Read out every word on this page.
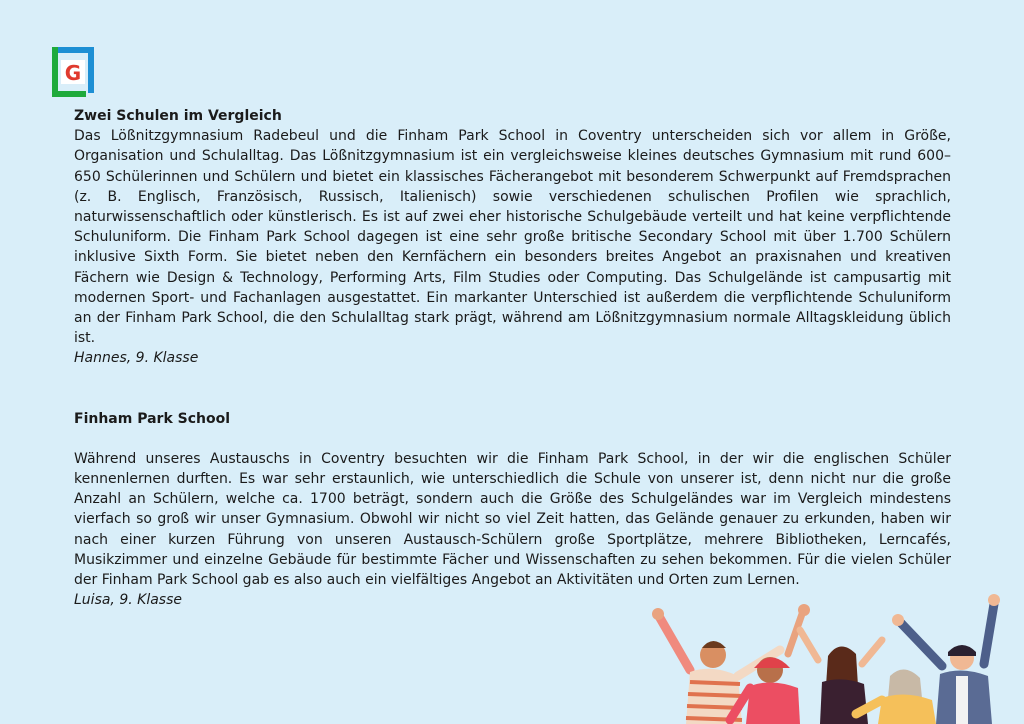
G

Zwei Schulen im Vergleich

Das Lößnitzgymnasium Radebeul und die Finham Park School in Coventry unterscheiden sich vor allem in Größe, Organisation und Schulalltag. Das Lößnitzgymnasium ist ein vergleichsweise kleines deutsches Gymnasium mit rund 600–650 Schülerinnen und Schülern und bietet ein klassisches Fächerangebot mit besonderem Schwerpunkt auf Fremdsprachen (z. B. Englisch, Französisch, Russisch, Italienisch) sowie verschiedenen schulischen Profilen wie sprachlich, naturwissenschaftlich oder künstlerisch. Es ist auf zwei eher historische Schulgebäude verteilt und hat keine verpflichtende Schuluniform. Die Finham Park School dagegen ist eine sehr große britische Secondary School mit über 1.700 Schülern inklusive Sixth Form. Sie bietet neben den Kernfächern ein besonders breites Angebot an praxisnahen und kreativen Fächern wie Design & Technology, Performing Arts, Film Studies oder Computing. Das Schulgelände ist campusartig mit modernen Sport- und Fachanlagen ausgestattet. Ein markanter Unterschied ist außerdem die verpflichtende Schuluniform an der Finham Park School, die den Schulalltag stark prägt, während am Lößnitzgymnasium normale Alltagskleidung üblich ist.

Hannes, 9. Klasse

Finham Park School

Während unseres Austauschs in Coventry besuchten wir die Finham Park School, in der wir die englischen Schüler kennenlernen durften. Es war sehr erstaunlich, wie unterschiedlich die Schule von unserer ist, denn nicht nur die große Anzahl an Schülern, welche ca. 1700 beträgt, sondern auch die Größe des Schulgeländes war im Vergleich mindestens vierfach so groß wir unser Gymnasium. Obwohl wir nicht so viel Zeit hatten, das Gelände genauer zu erkunden, haben wir nach einer kurzen Führung von unseren Austausch-Schülern große Sportplätze, mehrere Bibliotheken, Lerncafés, Musikzimmer und einzelne Gebäude für bestimmte Fächer und Wissenschaften zu sehen bekommen. Für die vielen Schüler der Finham Park School gab es also auch ein vielfältiges Angebot an Aktivitäten und Orten zum Lernen.

Luisa, 9. Klasse
